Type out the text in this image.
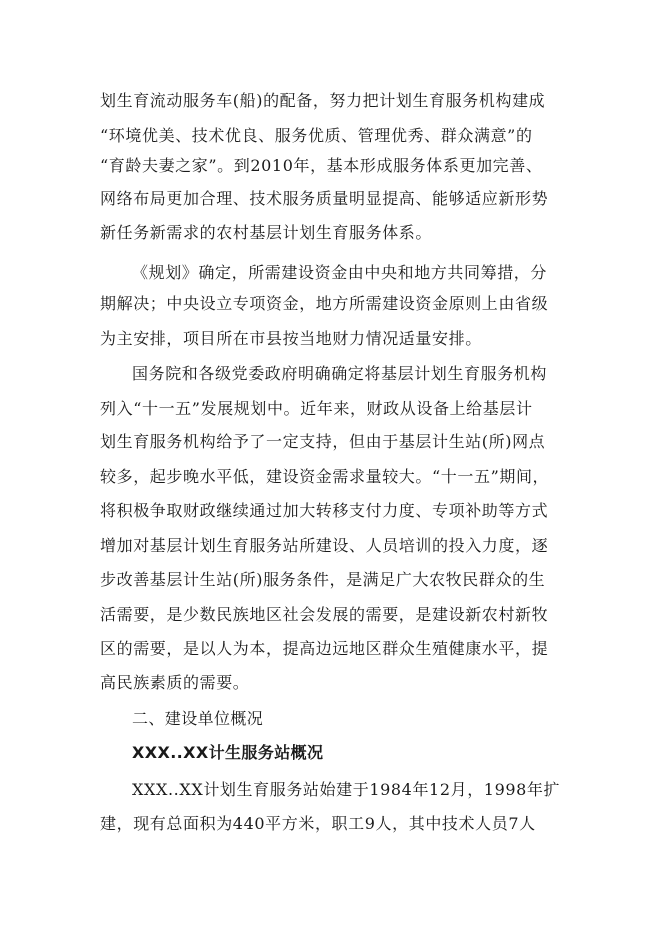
划生育流动服务车(船)的配备，努力把计划生育服务机构建成
“环境优美、技术优良、服务优质、管理优秀、群众满意”的
“育龄夫妻之家”。到2010年，基本形成服务体系更加完善、
网络布局更加合理、技术服务质量明显提高、能够适应新形势
新任务新需求的农村基层计划生育服务体系。
《规划》确定，所需建设资金由中央和地方共同筹措，分
期解决；中央设立专项资金，地方所需建设资金原则上由省级
为主安排，项目所在市县按当地财力情况适量安排。
国务院和各级党委政府明确确定将基层计划生育服务机构
列入“十一五”发展规划中。近年来，财政从设备上给基层计
划生育服务机构给予了一定支持，但由于基层计生站(所)网点
较多，起步晚水平低，建设资金需求量较大。“十一五”期间，
将积极争取财政继续通过加大转移支付力度、专项补助等方式
增加对基层计划生育服务站所建设、人员培训的投入力度，逐
步改善基层计生站(所)服务条件，是满足广大农牧民群众的生
活需要，是少数民族地区社会发展的需要，是建设新农村新牧
区的需要，是以人为本，提高边远地区群众生殖健康水平，提
高民族素质的需要。
二、建设单位概况
XXX..XX计生服务站概况
XXX..XX计划生育服务站始建于1984年12月，1998年扩
建，现有总面积为440平方米，职工9人，其中技术人员7人
